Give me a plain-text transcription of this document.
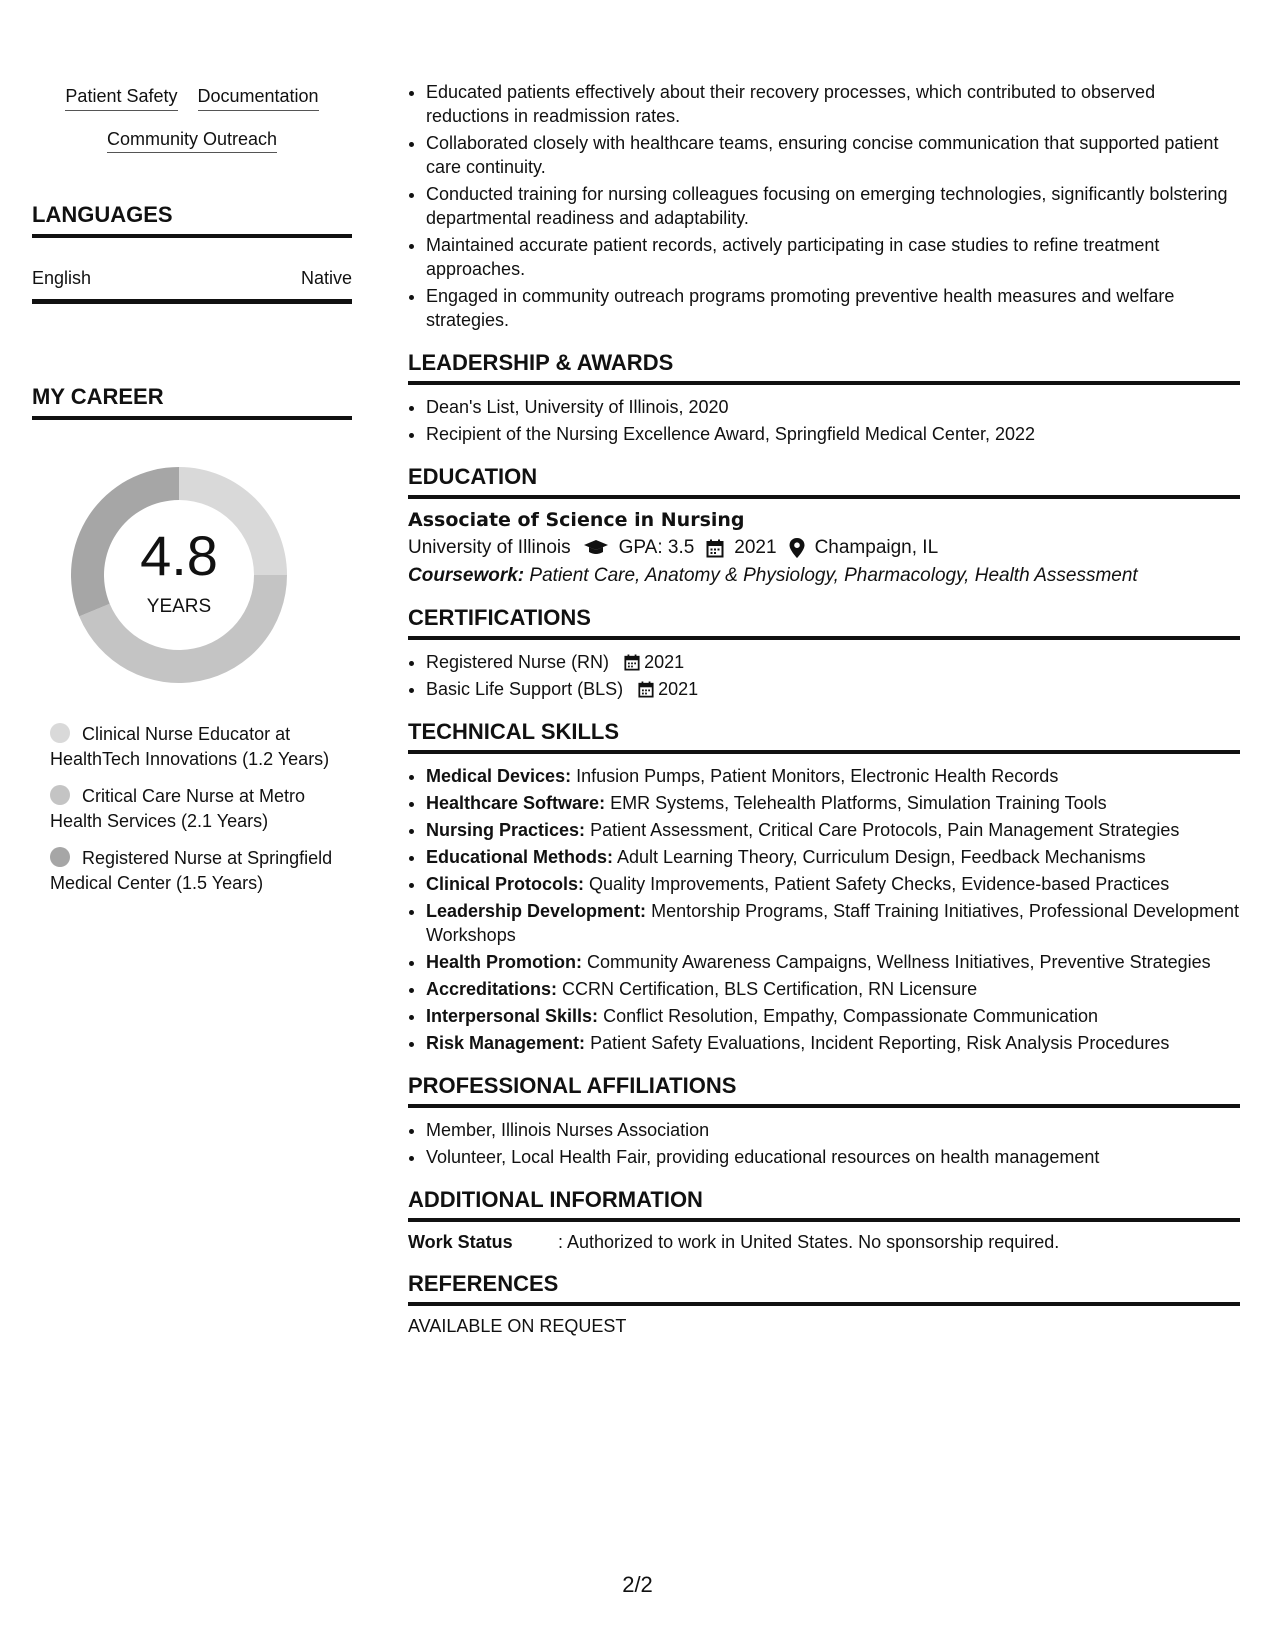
Patient Safety Documentation
Community Outreach
LANGUAGES
English	Native
MY CAREER
4.8
YEARS
Clinical Nurse Educator at HealthTech Innovations (1.2 Years)
Critical Care Nurse at Metro Health Services (2.1 Years)
Registered Nurse at Springfield Medical Center (1.5 Years)
• Educated patients effectively about their recovery processes, which contributed to observed reductions in readmission rates.
• Collaborated closely with healthcare teams, ensuring concise communication that supported patient care continuity.
• Conducted training for nursing colleagues focusing on emerging technologies, significantly bolstering departmental readiness and adaptability.
• Maintained accurate patient records, actively participating in case studies to refine treatment approaches.
• Engaged in community outreach programs promoting preventive health measures and welfare strategies.
LEADERSHIP & AWARDS
• Dean's List, University of Illinois, 2020
• Recipient of the Nursing Excellence Award, Springfield Medical Center, 2022
EDUCATION
Associate of Science in Nursing
University of Illinois	GPA: 3.5 2021 Champaign, IL
Coursework: Patient Care, Anatomy & Physiology, Pharmacology, Health Assessment
CERTIFICATIONS
• Registered Nurse (RN) 2021
• Basic Life Support (BLS) 2021
TECHNICAL SKILLS
• Medical Devices: Infusion Pumps, Patient Monitors, Electronic Health Records
• Healthcare Software: EMR Systems, Telehealth Platforms, Simulation Training Tools
• Nursing Practices: Patient Assessment, Critical Care Protocols, Pain Management Strategies
• Educational Methods: Adult Learning Theory, Curriculum Design, Feedback Mechanisms
• Clinical Protocols: Quality Improvements, Patient Safety Checks, Evidence-based Practices
• Leadership Development: Mentorship Programs, Staff Training Initiatives, Professional Development Workshops
• Health Promotion: Community Awareness Campaigns, Wellness Initiatives, Preventive Strategies
• Accreditations: CCRN Certification, BLS Certification, RN Licensure
• Interpersonal Skills: Conflict Resolution, Empathy, Compassionate Communication
• Risk Management: Patient Safety Evaluations, Incident Reporting, Risk Analysis Procedures
PROFESSIONAL AFFILIATIONS
• Member, Illinois Nurses Association
• Volunteer, Local Health Fair, providing educational resources on health management
ADDITIONAL INFORMATION
Work Status	: Authorized to work in United States. No sponsorship required.
REFERENCES
AVAILABLE ON REQUEST
2/2
